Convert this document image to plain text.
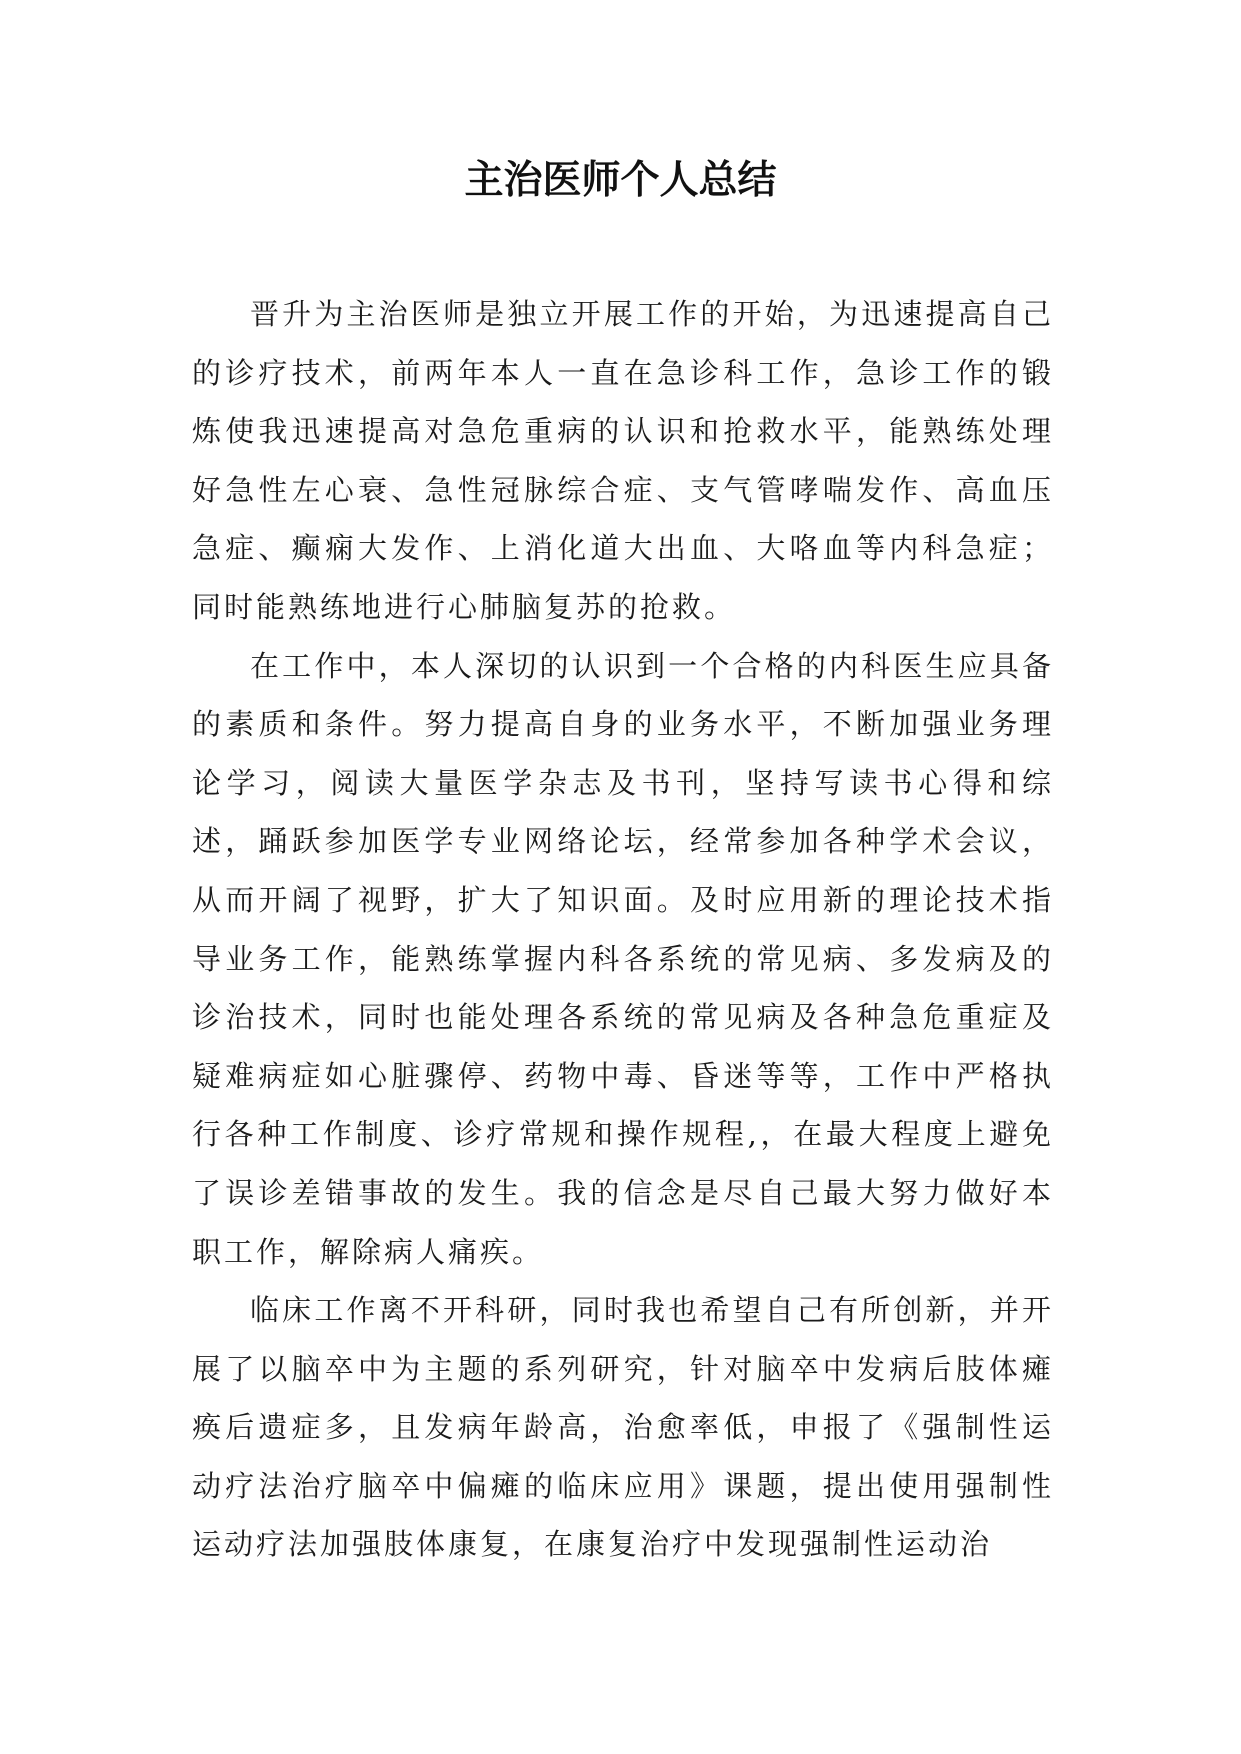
主治医师个人总结

晋升为主治医师是独立开展工作的开始，为迅速提高自己的诊疗技术，前两年本人一直在急诊科工作，急诊工作的锻炼使我迅速提高对急危重病的认识和抢救水平，能熟练处理好急性左心衰、急性冠脉综合症、支气管哮喘发作、高血压急症、癫痫大发作、上消化道大出血、大咯血等内科急症；同时能熟练地进行心肺脑复苏的抢救。

在工作中，本人深切的认识到一个合格的内科医生应具备的素质和条件。努力提高自身的业务水平，不断加强业务理论学习，阅读大量医学杂志及书刊，坚持写读书心得和综述，踊跃参加医学专业网络论坛，经常参加各种学术会议，从而开阔了视野，扩大了知识面。及时应用新的理论技术指导业务工作，能熟练掌握内科各系统的常见病、多发病及的诊治技术，同时也能处理各系统的常见病及各种急危重症及疑难病症如心脏骤停、药物中毒、昏迷等等，工作中严格执行各种工作制度、诊疗常规和操作规程,，在最大程度上避免了误诊差错事故的发生。我的信念是尽自己最大努力做好本职工作，解除病人痛疾。

临床工作离不开科研，同时我也希望自己有所创新，并开展了以脑卒中为主题的系列研究，针对脑卒中发病后肢体瘫痪后遗症多，且发病年龄高，治愈率低，申报了《强制性运动疗法治疗脑卒中偏瘫的临床应用》课题，提出使用强制性运动疗法加强肢体康复，在康复治疗中发现强制性运动治
